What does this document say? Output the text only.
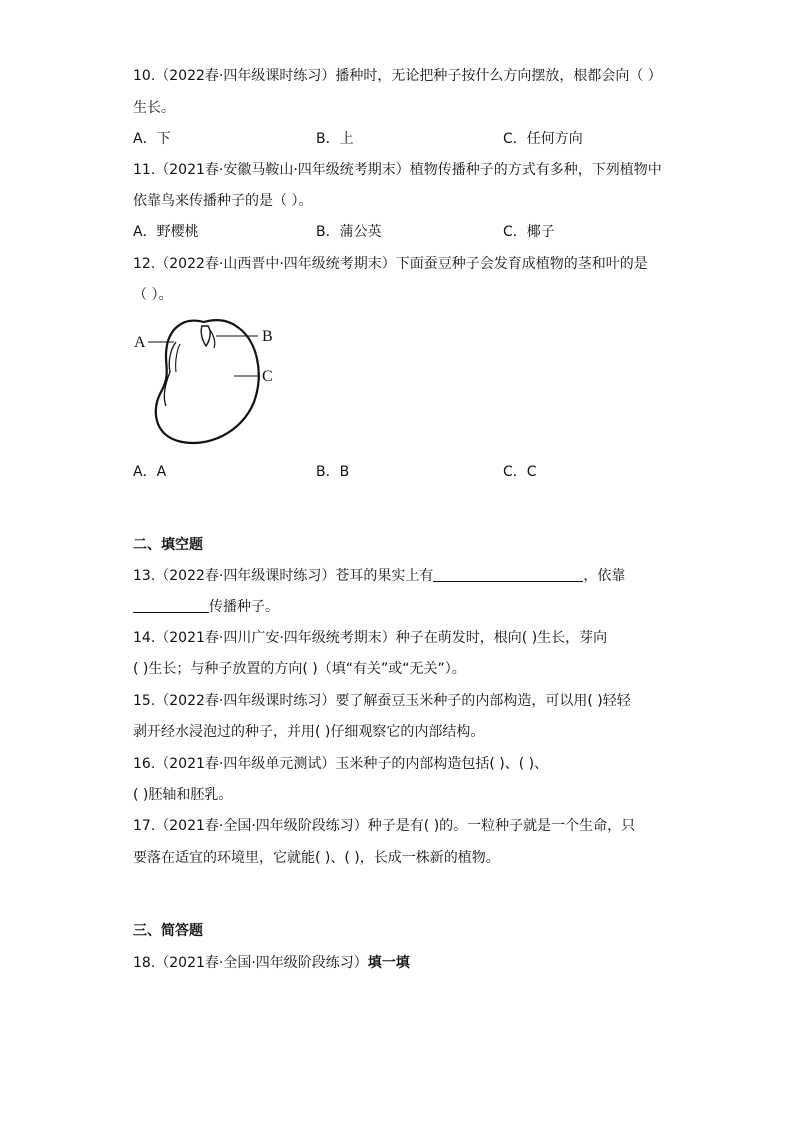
10.（2022春·四年级课时练习）播种时，无论把种子按什么方向摆放，根都会向（ ）
生长。
A．下	B．上	C．任何方向
11.（2021春·安徽马鞍山·四年级统考期末）植物传播种子的方式有多种，下列植物中
依靠鸟来传播种子的是（ ）。
A．野樱桃	B．蒲公英	C．椰子
12.（2022春·山西晋中·四年级统考期末）下面蚕豆种子会发育成植物的茎和叶的是
（ ）。
A	B
C
A．A	B．B	C．C
二、填空题
13.（2022春·四年级课时练习）苍耳的果实上有	，依靠
传播种子。
14.（2021春·四川广安·四年级统考期末）种子在萌发时，根向( )生长，芽向
( )生长；与种子放置的方向( )（填“有关”或“无关”）。
15.（2022春·四年级课时练习）要了解蚕豆玉米种子的内部构造，可以用( )轻轻
剥开经水浸泡过的种子，并用( )仔细观察它的内部结构。
16.（2021春·四年级单元测试）玉米种子的内部构造包括( )、( )、
( )胚轴和胚乳。
17.（2021春·全国·四年级阶段练习）种子是有( )的。一粒种子就是一个生命，只
要落在适宜的环境里，它就能( )、( )，长成一株新的植物。
三、简答题
18.（2021春·全国·四年级阶段练习）填一填
